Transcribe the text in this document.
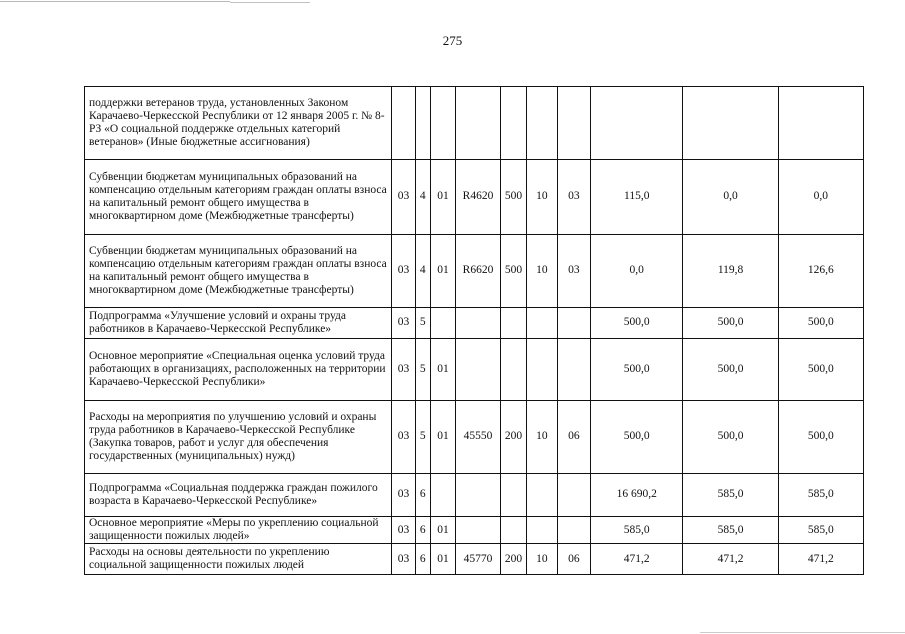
275
поддержки ветеранов труда, установленных Законом Карачаево-Черкесской Республики от 12 января 2005 г. № 8-РЗ «О социальной поддержке отдельных категорий ветеранов» (Иные бюджетные ассигнования)										
Субвенции бюджетам муниципальных образований на компенсацию отдельным категориям граждан оплаты взноса на капитальный ремонт общего имущества в многоквартирном доме (Межбюджетные трансферты)	03	4	01	R4620	500	10	03	115,0	0,0	0,0
Субвенции бюджетам муниципальных образований на компенсацию отдельным категориям граждан оплаты взноса на капитальный ремонт общего имущества в многоквартирном доме (Межбюджетные трансферты)	03	4	01	R6620	500	10	03	0,0	119,8	126,6
Подпрограмма «Улучшение условий и охраны труда работников в Карачаево-Черкесской Республике»	03	5						500,0	500,0	500,0
Основное мероприятие «Специальная оценка условий труда работающих в организациях, расположенных на территории Карачаево-Черкесской Республики»	03	5	01					500,0	500,0	500,0
Расходы на мероприятия по улучшению условий и охраны труда работников в Карачаево-Черкесской Республике (Закупка товаров, работ и услуг для обеспечения государственных (муниципальных) нужд)	03	5	01	45550	200	10	06	500,0	500,0	500,0
Подпрограмма «Социальная поддержка граждан пожилого возраста в Карачаево-Черкесской Республике»	03	6						16 690,2	585,0	585,0
Основное мероприятие «Меры по укреплению социальной защищенности пожилых людей»	03	6	01					585,0	585,0	585,0
Расходы на основы деятельности по укреплению социальной защищенности пожилых людей	03	6	01	45770	200	10	06	471,2	471,2	471,2
